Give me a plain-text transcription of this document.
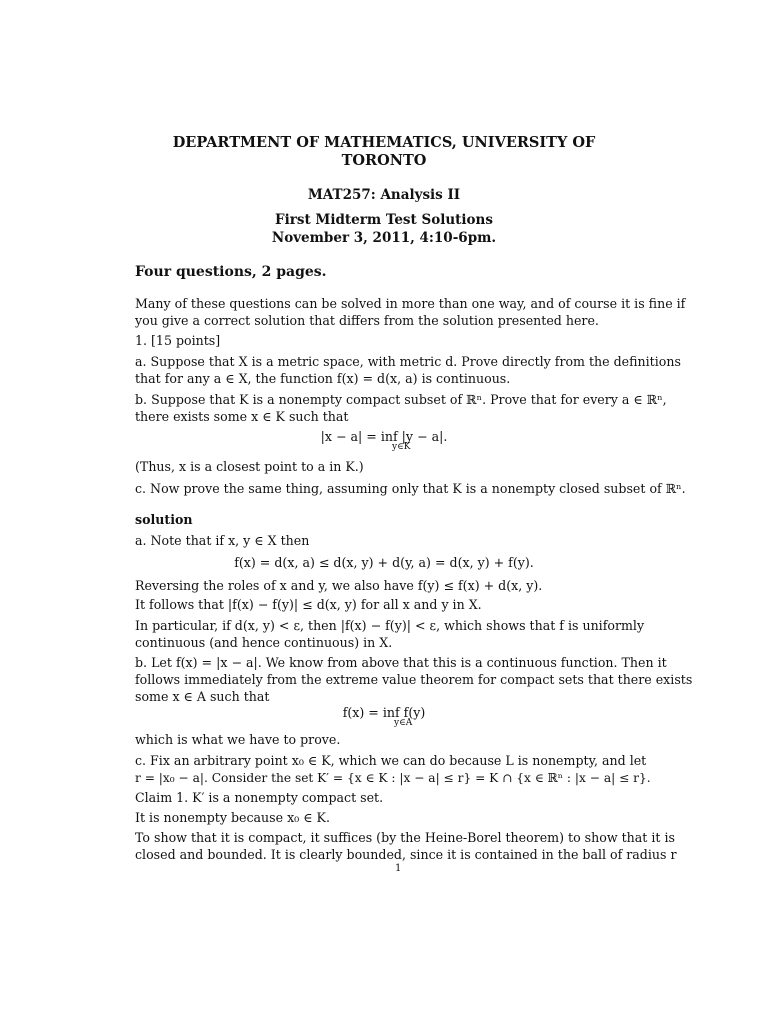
DEPARTMENT OF MATHEMATICS, UNIVERSITY OF
TORONTO
MAT257: Analysis II
First Midterm Test Solutions
November 3, 2011, 4:10-6pm.
Four questions, 2 pages.
Many of these questions can be solved in more than one way, and of course it is fine if
you give a correct solution that differs from the solution presented here.
1. [15 points]
a. Suppose that X is a metric space, with metric d. Prove directly from the definitions
that for any a ∈ X, the function f(x) = d(x, a) is continuous.
b. Suppose that K is a nonempty compact subset of ℝⁿ. Prove that for every a ∈ ℝⁿ,
there exists some x ∈ K such that
|x − a| = inf |y − a|.
y∈K
(Thus, x is a closest point to a in K.)
c. Now prove the same thing, assuming only that K is a nonempty closed subset of ℝⁿ.
solution
a. Note that if x, y ∈ X then
f(x) = d(x, a) ≤ d(x, y) + d(y, a) = d(x, y) + f(y).
Reversing the roles of x and y, we also have f(y) ≤ f(x) + d(x, y).
It follows that |f(x) − f(y)| ≤ d(x, y) for all x and y in X.
In particular, if d(x, y) < ε, then |f(x) − f(y)| < ε, which shows that f is uniformly
continuous (and hence continuous) in X.
b. Let f(x) = |x − a|. We know from above that this is a continuous function. Then it
follows immediately from the extreme value theorem for compact sets that there exists
some x ∈ A such that
f(x) = inf f(y)
y∈A
which is what we have to prove.
c. Fix an arbitrary point x₀ ∈ K, which we can do because L is nonempty, and let
r = |x₀ − a|. Consider the set K′ = {x ∈ K : |x − a| ≤ r} = K ∩ {x ∈ ℝⁿ : |x − a| ≤ r}.
Claim 1. K′ is a nonempty compact set.
It is nonempty because x₀ ∈ K.
To show that it is compact, it suffices (by the Heine-Borel theorem) to show that it is
closed and bounded. It is clearly bounded, since it is contained in the ball of radius r
1
